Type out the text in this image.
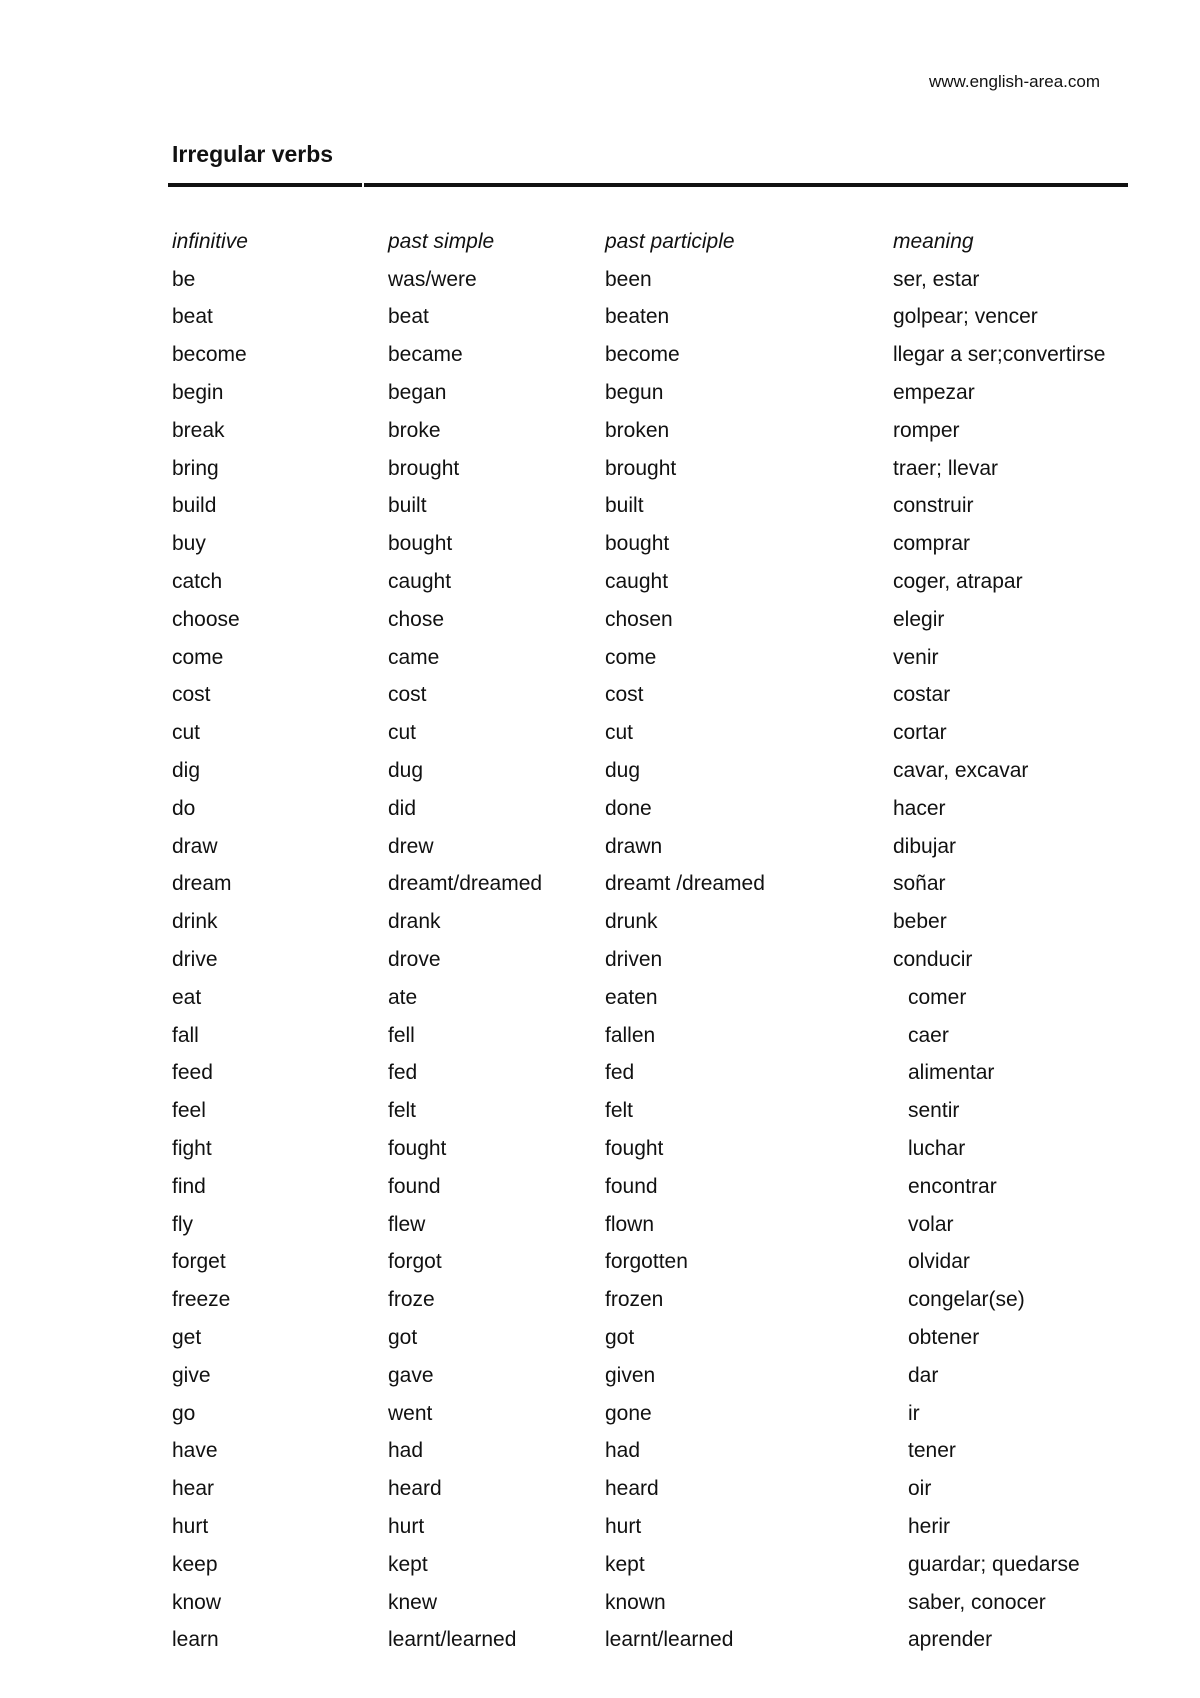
www.english-area.com
Irregular verbs
infinitive	past simple	past participle	meaning
be	was/were	been	ser, estar
beat	beat	beaten	golpear; vencer
become	became	become	llegar a ser;convertirse
begin	began	begun	empezar
break	broke	broken	romper
bring	brought	brought	traer; llevar
build	built	built	construir
buy	bought	bought	comprar
catch	caught	caught	coger, atrapar
choose	chose	chosen	elegir
come	came	come	venir
cost	cost	cost	costar
cut	cut	cut	cortar
dig	dug	dug	cavar, excavar
do	did	done	hacer
draw	drew	drawn	dibujar
dream	dreamt/dreamed	dreamt /dreamed	soñar
drink	drank	drunk	beber
drive	drove	driven	conducir
eat	ate	eaten	comer
fall	fell	fallen	caer
feed	fed	fed	alimentar
feel	felt	felt	sentir
fight	fought	fought	luchar
find	found	found	encontrar
fly	flew	flown	volar
forget	forgot	forgotten	olvidar
freeze	froze	frozen	congelar(se)
get	got	got	obtener
give	gave	given	dar
go	went	gone	ir
have	had	had	tener
hear	heard	heard	oir
hurt	hurt	hurt	herir
keep	kept	kept	guardar; quedarse
know	knew	known	saber, conocer
learn	learnt/learned	learnt/learned	aprender
